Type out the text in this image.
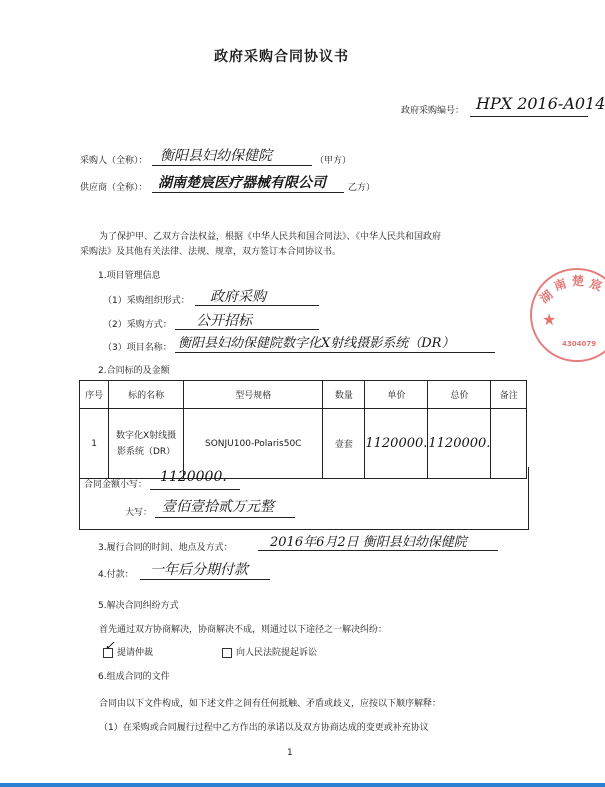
政府采购合同协议书
政府采购编号： HPX 2016-A014
采购人（全称）： 衡阳县妇幼保健院	（甲方）
供应商（全称）： 湖南楚宸医疗器械有限公司 乙方）
为了保护甲、乙双方合法权益，根据《中华人民共和国合同法》、《中华人民共和国政府
采购法》及其他有关法律、法规、规章，双方签订本合同协议书。
1.项目管理信息
（1）采购组织形式： 政府采购
（2）采购方式： 公开招标
（3）项目名称： 衡阳县妇幼保健院数字化X射线摄影系统（DR）
2.合同标的及金额
序号	标的名称	型号规格	数量	单价	总价	备注
1	数字化X射线摄
影系统（DR）	SONJU100-Polaris50C	壹套	1120000.	1120000.	
合同金额小写： 1120000.
大写： 壹佰壹拾贰万元整
3.履行合同的时间、地点及方式：	2016年6月2日 衡阳县妇幼保健院
4.付款： 一年后分期付款
5.解决合同纠纷方式
首先通过双方协商解决，协商解决不成，则通过以下途径之一解决纠纷：
✓ 提请仲裁	向人民法院提起诉讼
6.组成合同的文件
合同由以下文件构成，如下述文件之间有任何抵触、矛盾或歧义，应按以下顺序解释：
（1）在采购或合同履行过程中乙方作出的承诺以及双方协商达成的变更或补充协议
1
湖
南 楚 宸
★
4304079
